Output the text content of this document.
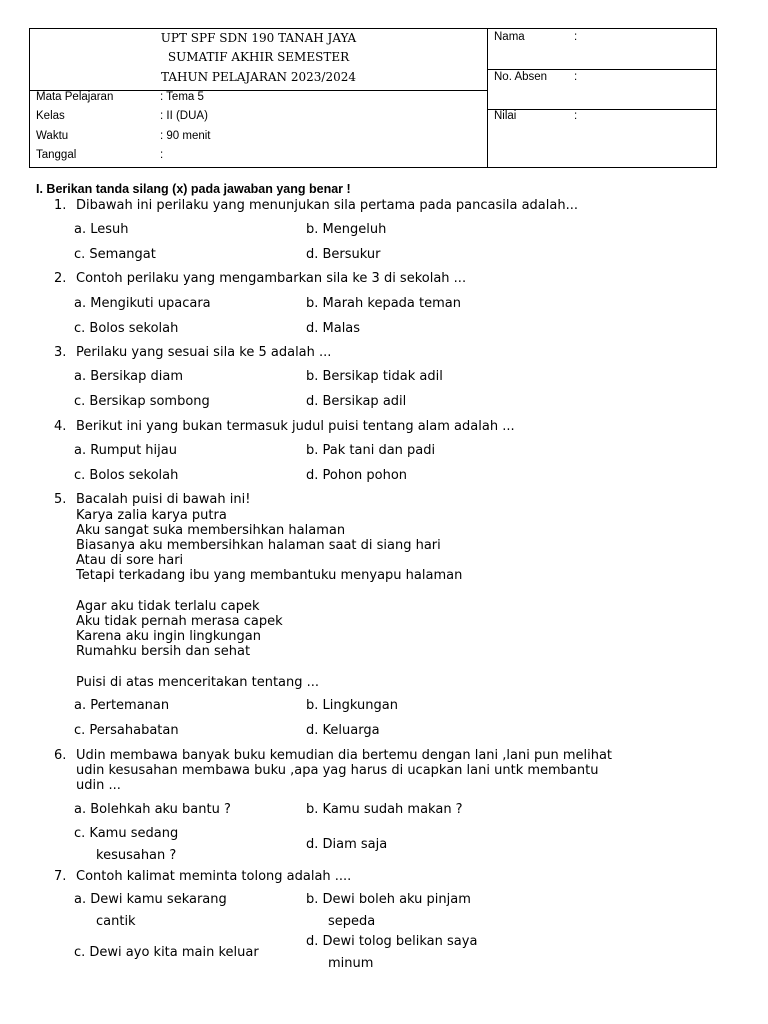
UPT SPF SDN 190 TANAH JAYA
SUMATIF AKHIR SEMESTER
TAHUN PELAJARAN 2023/2024
Mata Pelajaran	: Tema 5
Kelas	: II (DUA)
Waktu	: 90 menit
Tanggal	:
Nama	:
No. Absen :
Nilai	:
I. Berikan tanda silang (x) pada jawaban yang benar !
1. Dibawah ini perilaku yang menunjukan sila pertama pada pancasila adalah...
a. Lesuh	b. Mengeluh
c. Semangat	d. Bersukur
2. Contoh perilaku yang mengambarkan sila ke 3 di sekolah ...
a. Mengikuti upacara	b. Marah kepada teman
c. Bolos sekolah	d. Malas
3. Perilaku yang sesuai sila ke 5 adalah ...
a. Bersikap diam	b. Bersikap tidak adil
c. Bersikap sombong	d. Bersikap adil
4. Berikut ini yang bukan termasuk judul puisi tentang alam adalah ...
a. Rumput hijau	b. Pak tani dan padi
c. Bolos sekolah	d. Pohon pohon
5. Bacalah puisi di bawah ini!
Karya zalia karya putra
Aku sangat suka membersihkan halaman
Biasanya aku membersihkan halaman saat di siang hari
Atau di sore hari
Tetapi terkadang ibu yang membantuku menyapu halaman
Agar aku tidak terlalu capek
Aku tidak pernah merasa capek
Karena aku ingin lingkungan
Rumahku bersih dan sehat
Puisi di atas menceritakan tentang ...
a. Pertemanan	b. Lingkungan
c. Persahabatan	d. Keluarga
6. Udin membawa banyak buku kemudian dia bertemu dengan lani ,lani pun melihat
udin kesusahan membawa buku ,apa yag harus di ucapkan lani untk membantu
udin ...
a. Bolehkah aku bantu ?	b. Kamu sudah makan ?
c. Kamu sedang
kesusahan ?
d. Diam saja
7. Contoh kalimat meminta tolong adalah ....
a. Dewi kamu sekarang
cantik
b. Dewi boleh aku pinjam
sepeda
c. Dewi ayo kita main keluar
d. Dewi tolog belikan saya
minum
